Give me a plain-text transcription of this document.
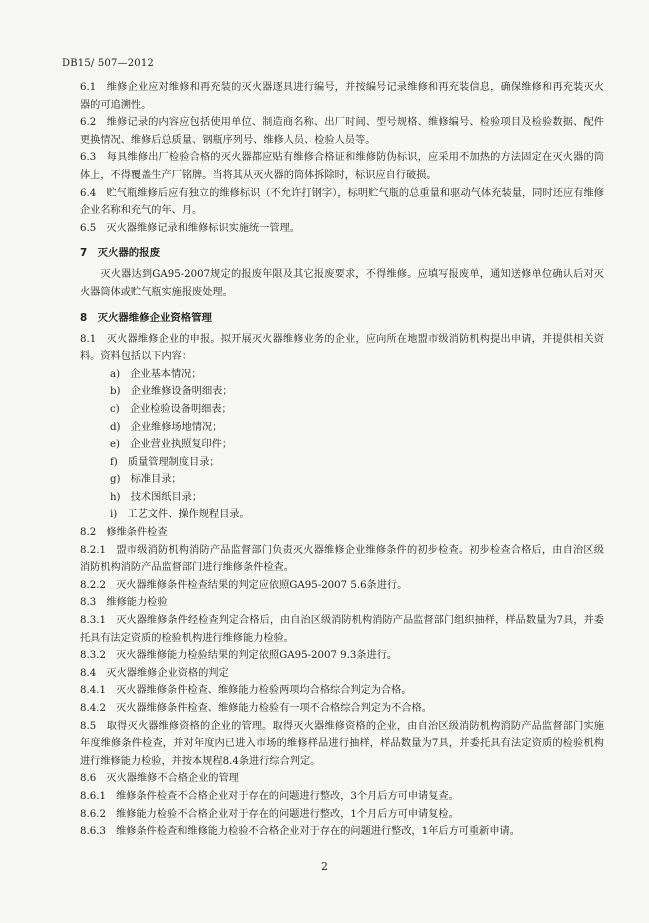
DB15/ 507—2012

6.1　维修企业应对维修和再充装的灭火器逐具进行编号，并按编号记录维修和再充装信息，确保维修和再充装灭火器的可追溯性。

6.2　维修记录的内容应包括使用单位、制造商名称、出厂时间、型号规格、维修编号、检验项目及检验数据、配件更换情况、维修后总质量、钢瓶序列号、维修人员、检验人员等。

6.3　每具维修出厂检验合格的灭火器都应贴有维修合格证和维修防伪标识，应采用不加热的方法固定在灭火器的筒体上，不得覆盖生产厂铭牌。当将其从灭火器的筒体拆除时，标识应自行破损。

6.4　贮气瓶维修后应有独立的维修标识（不允许打钢字），标明贮气瓶的总重量和驱动气体充装量，同时还应有维修企业名称和充气的年、月。

6.5　灭火器维修记录和维修标识实施统一管理。

7　灭火器的报废

灭火器达到GA95-2007规定的报废年限及其它报废要求，不得维修。应填写报废单，通知送修单位确认后对灭火器筒体或贮气瓶实施报废处理。

8　灭火器维修企业资格管理

8.1　灭火器维修企业的申报。拟开展灭火器维修业务的企业，应向所在地盟市级消防机构提出申请，并提供相关资料。资料包括以下内容：

a)　企业基本情况；

b)　企业维修设备明细表；

c)　企业检验设备明细表；

d)　企业维修场地情况；

e)　企业营业执照复印件；

f)　质量管理制度目录；

g)　标准目录；

h)　技术图纸目录；

i)　工艺文件、操作规程目录。

8.2　修维条件检查

8.2.1　盟市级消防机构消防产品监督部门负责灭火器维修企业维修条件的初步检查。初步检查合格后，由自治区级消防机构消防产品监督部门进行维修条件检查。

8.2.2　灭火器维修条件检查结果的判定应依照GA95-2007 5.6条进行。

8.3　维修能力检验

8.3.1　灭火器维修条件经检查判定合格后，由自治区级消防机构消防产品监督部门组织抽样，样品数量为7具，并委托具有法定资质的检验机构进行维修能力检验。

8.3.2　灭火器维修能力检验结果的判定依照GA95-2007 9.3条进行。

8.4　灭火器维修企业资格的判定

8.4.1　灭火器维修条件检查、维修能力检验两项均合格综合判定为合格。

8.4.2　灭火器维修条件检查、维修能力检验有一项不合格综合判定为不合格。

8.5　取得灭火器维修资格的企业的管理。取得灭火器维修资格的企业，由自治区级消防机构消防产品监督部门实施年度维修条件检查，并对年度内已进入市场的维修样品进行抽样，样品数量为7具，并委托具有法定资质的检验机构进行维修能力检验，并按本规程8.4条进行综合判定。

8.6　灭火器维修不合格企业的管理

8.6.1　维修条件检查不合格企业对于存在的问题进行整改，3个月后方可申请复查。

8.6.2　维修能力检验不合格企业对于存在的问题进行整改，1个月后方可申请复检。

8.6.3　维修条件检查和维修能力检验不合格企业对于存在的问题进行整改，1年后方可重新申请。

2
